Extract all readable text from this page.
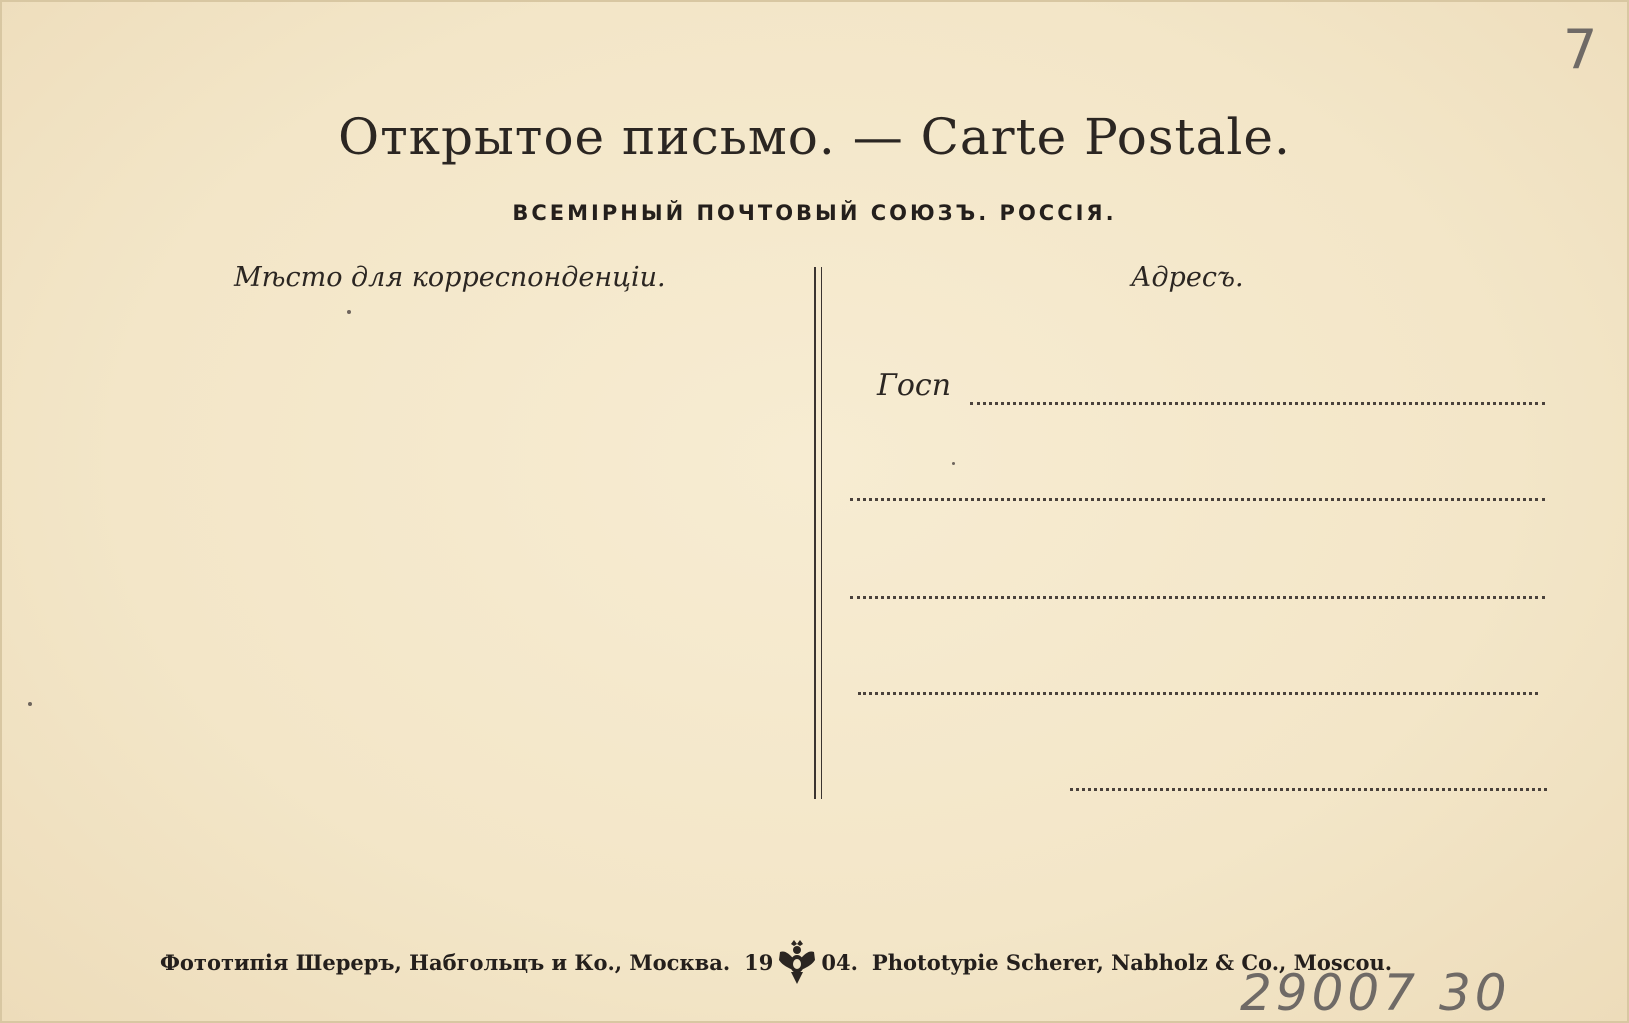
Открытое письмо. — Carte Postale.
ВСЕМIРНЫЙ ПОЧТОВЫЙ СОЮЗЪ. РОССIЯ.
Мѣсто для корреспонденцiи.	Адресъ.
Госп
Фототипiя Шереръ, Набгольцъ и Ко., Москва. 19 04. Phototypie Scherer, Nabholz & Co., Moscou.
7
29007 30
